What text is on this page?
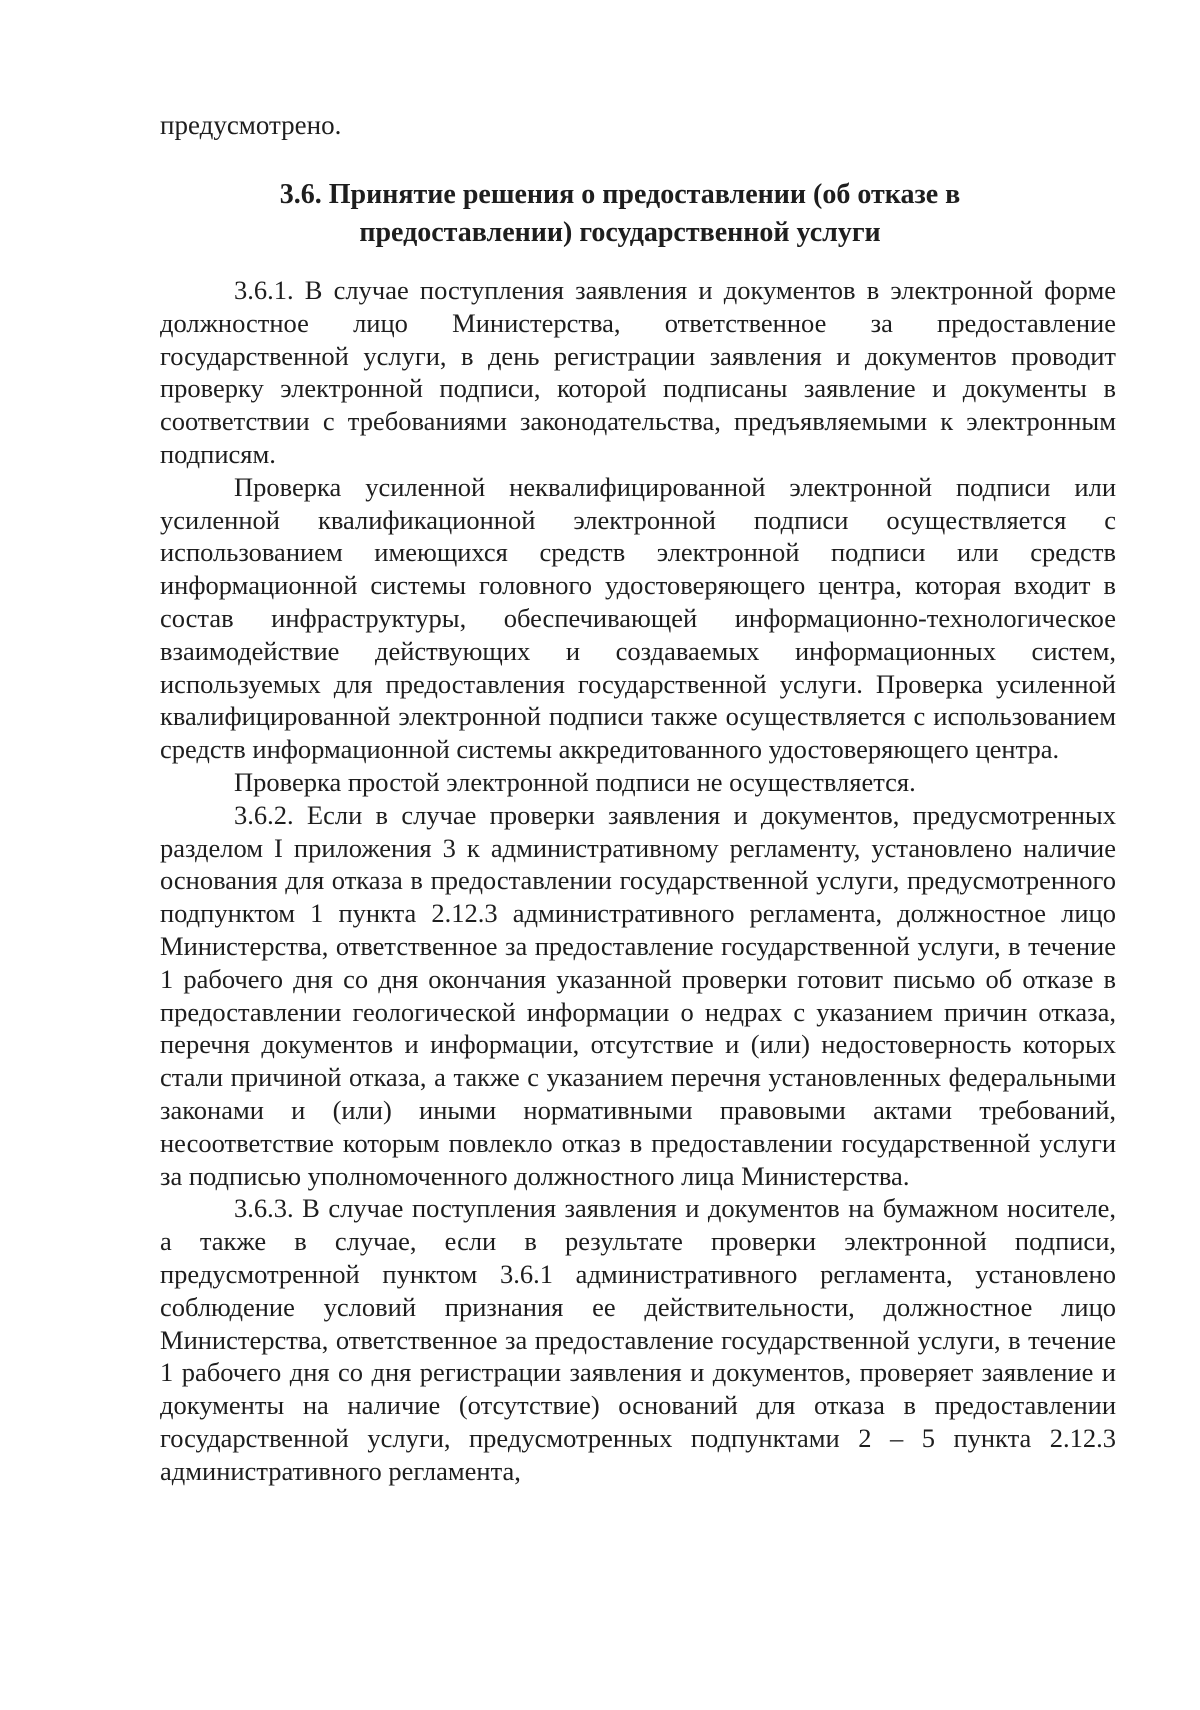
предусмотрено.

3.6. Принятие решения о предоставлении (об отказе в предоставлении) государственной услуги

3.6.1. В случае поступления заявления и документов в электронной форме должностное лицо Министерства, ответственное за предоставление государственной услуги, в день регистрации заявления и документов проводит проверку электронной подписи, которой подписаны заявление и документы в соответствии с требованиями законодательства, предъявляемыми к электронным подписям.

Проверка усиленной неквалифицированной электронной подписи или усиленной квалификационной электронной подписи осуществляется с использованием имеющихся средств электронной подписи или средств информационной системы головного удостоверяющего центра, которая входит в состав инфраструктуры, обеспечивающей информационно-технологическое взаимодействие действующих и создаваемых информационных систем, используемых для предоставления государственной услуги. Проверка усиленной квалифицированной электронной подписи также осуществляется с использованием средств информационной системы аккредитованного удостоверяющего центра.

Проверка простой электронной подписи не осуществляется.

3.6.2. Если в случае проверки заявления и документов, предусмотренных разделом I приложения 3 к административному регламенту, установлено наличие основания для отказа в предоставлении государственной услуги, предусмотренного подпунктом 1 пункта 2.12.3 административного регламента, должностное лицо Министерства, ответственное за предоставление государственной услуги, в течение 1 рабочего дня со дня окончания указанной проверки готовит письмо об отказе в предоставлении геологической информации о недрах с указанием причин отказа, перечня документов и информации, отсутствие и (или) недостоверность которых стали причиной отказа, а также с указанием перечня установленных федеральными законами и (или) иными нормативными правовыми актами требований, несоответствие которым повлекло отказ в предоставлении государственной услуги за подписью уполномоченного должностного лица Министерства.

3.6.3. В случае поступления заявления и документов на бумажном носителе, а также в случае, если в результате проверки электронной подписи, предусмотренной пунктом 3.6.1 административного регламента, установлено соблюдение условий признания ее действительности, должностное лицо Министерства, ответственное за предоставление государственной услуги, в течение 1 рабочего дня со дня регистрации заявления и документов, проверяет заявление и документы на наличие (отсутствие) оснований для отказа в предоставлении государственной услуги, предусмотренных подпунктами 2 – 5 пункта 2.12.3 административного регламента,
